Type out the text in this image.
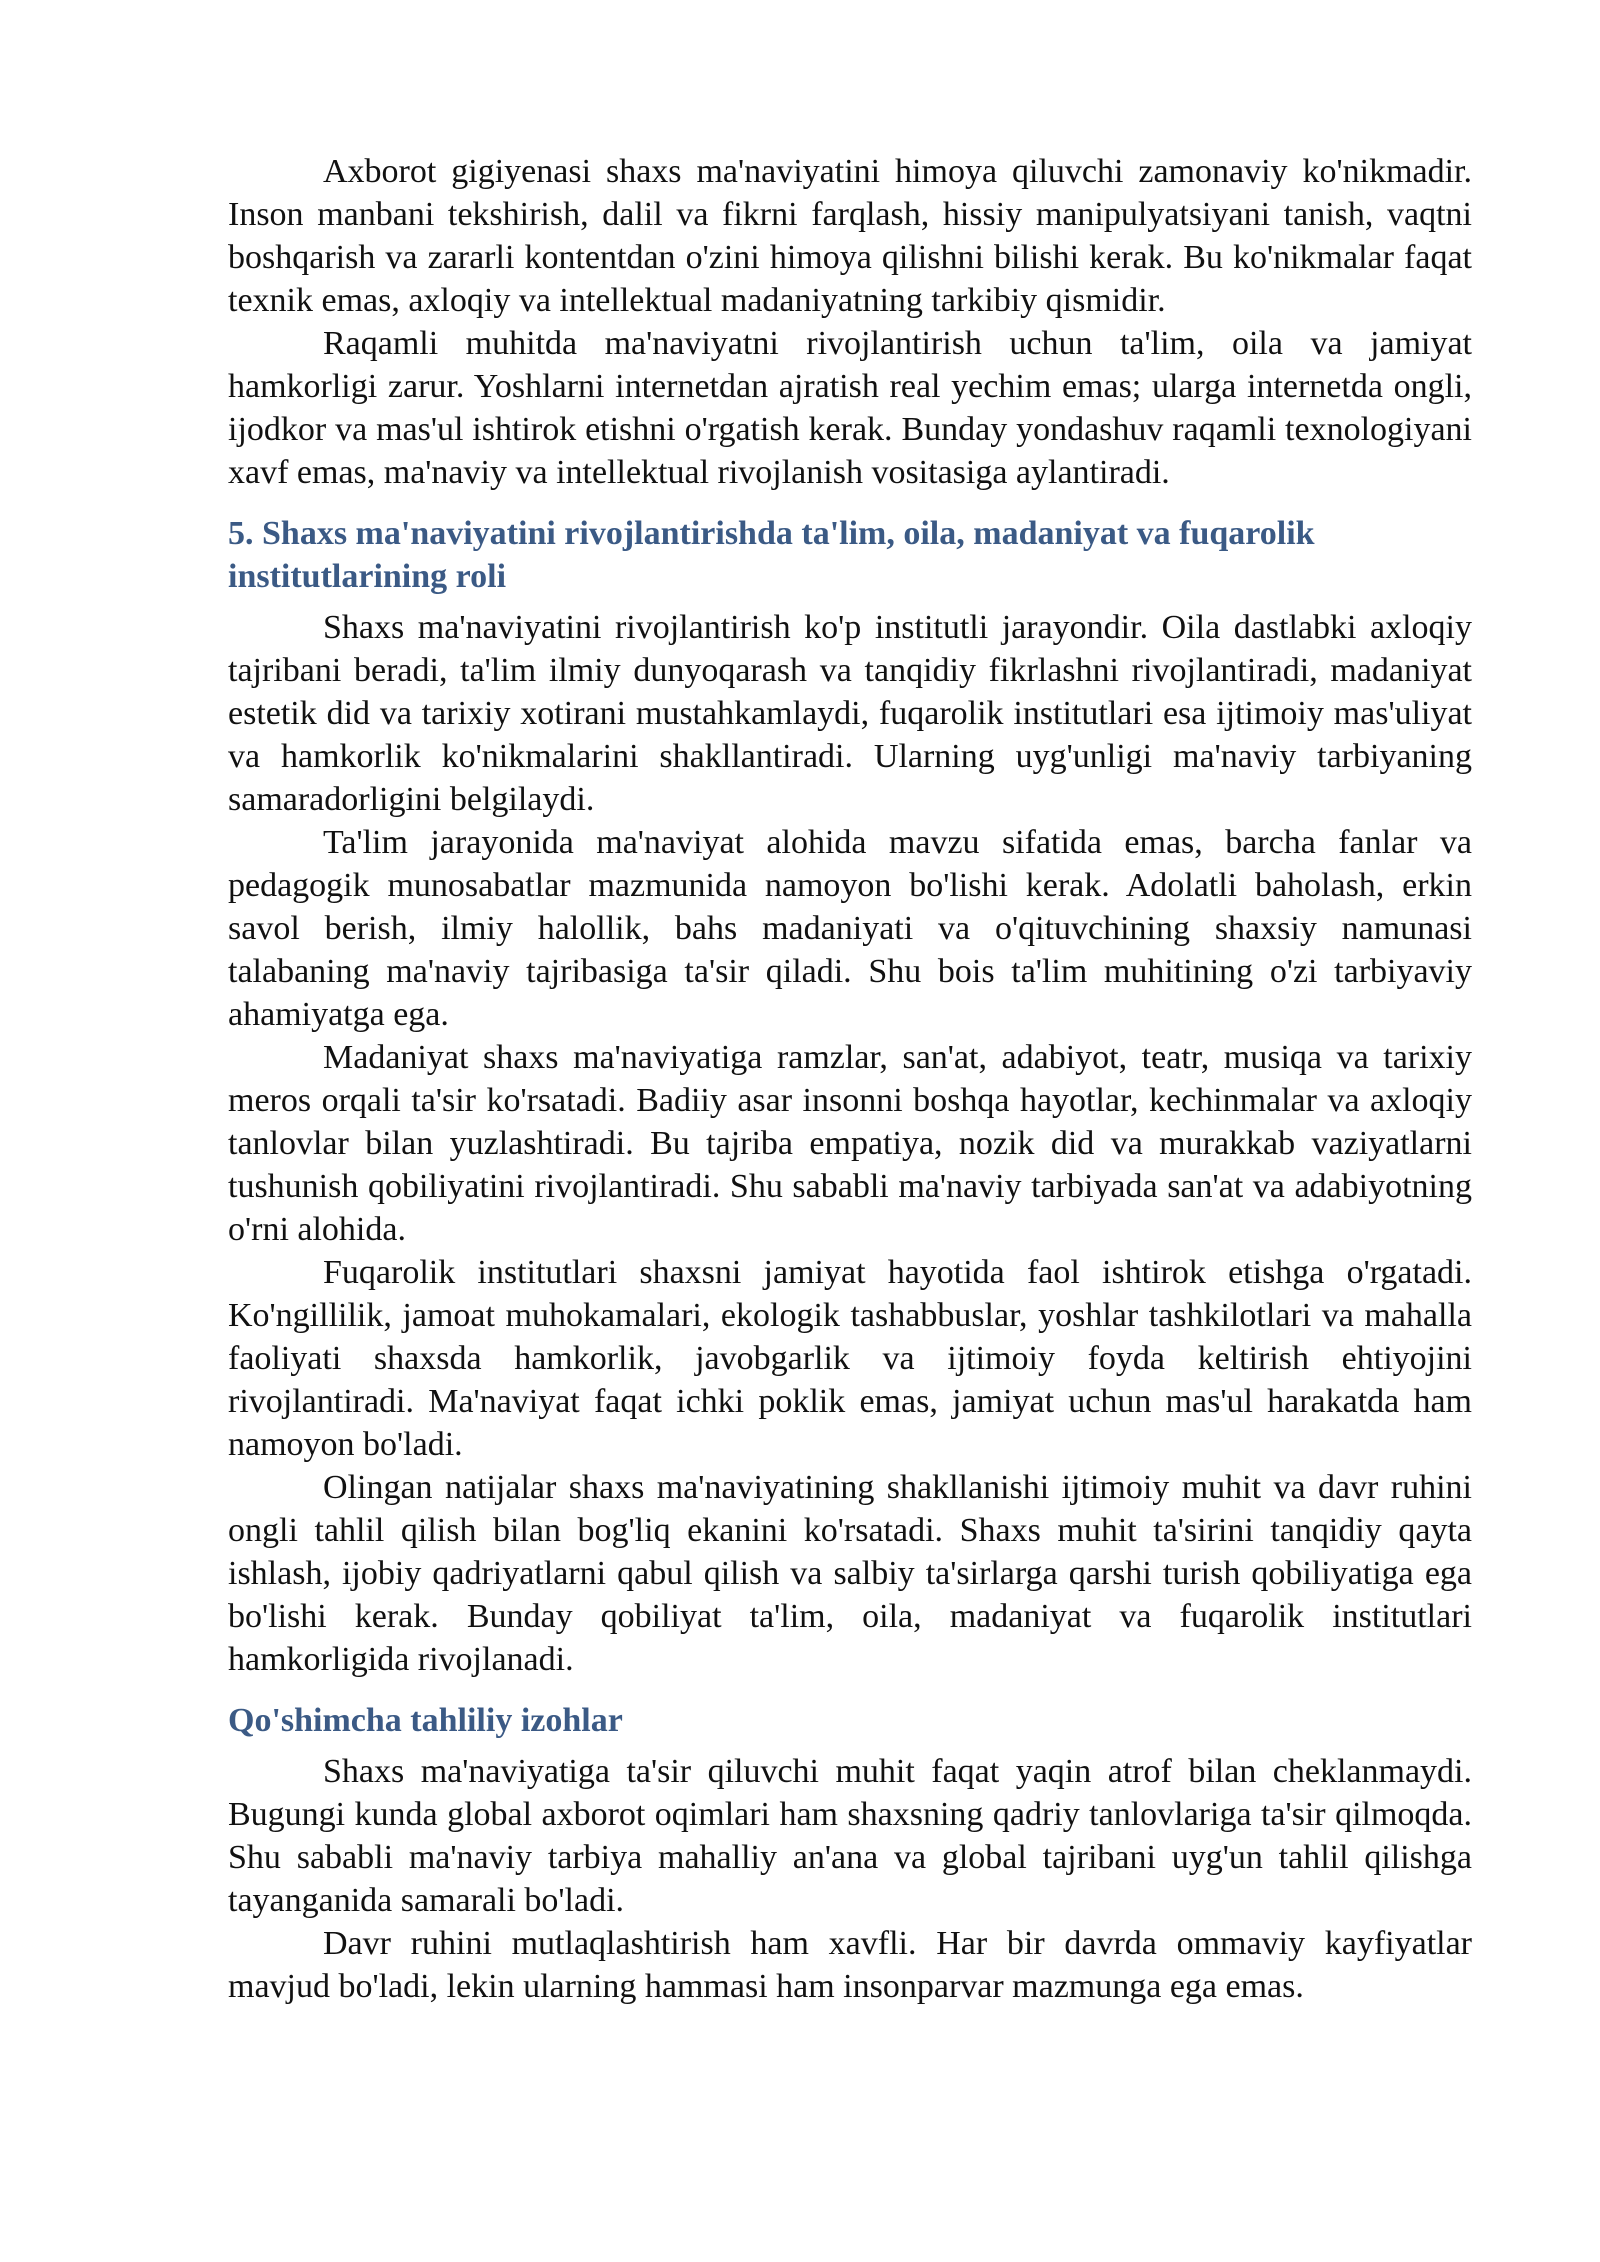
Axborot gigiyenasi shaxs ma'naviyatini himoya qiluvchi zamonaviy ko'nikmadir. Inson manbani tekshirish, dalil va fikrni farqlash, hissiy manipulyatsiyani tanish, vaqtni boshqarish va zararli kontentdan o'zini himoya qilishni bilishi kerak. Bu ko'nikmalar faqat texnik emas, axloqiy va intellektual madaniyatning tarkibiy qismidir.

Raqamli muhitda ma'naviyatni rivojlantirish uchun ta'lim, oila va jamiyat hamkorligi zarur. Yoshlarni internetdan ajratish real yechim emas; ularga internetda ongli, ijodkor va mas'ul ishtirok etishni o'rgatish kerak. Bunday yondashuv raqamli texnologiyani xavf emas, ma'naviy va intellektual rivojlanish vositasiga aylantiradi.

5. Shaxs ma'naviyatini rivojlantirishda ta'lim, oila, madaniyat va fuqarolik institutlarining roli

Shaxs ma'naviyatini rivojlantirish ko'p institutli jarayondir. Oila dastlabki axloqiy tajribani beradi, ta'lim ilmiy dunyoqarash va tanqidiy fikrlashni rivojlantiradi, madaniyat estetik did va tarixiy xotirani mustahkamlaydi, fuqarolik institutlari esa ijtimoiy mas'uliyat va hamkorlik ko'nikmalarini shakllantiradi. Ularning uyg'unligi ma'naviy tarbiyaning samaradorligini belgilaydi.

Ta'lim jarayonida ma'naviyat alohida mavzu sifatida emas, barcha fanlar va pedagogik munosabatlar mazmunida namoyon bo'lishi kerak. Adolatli baholash, erkin savol berish, ilmiy halollik, bahs madaniyati va o'qituvchining shaxsiy namunasi talabaning ma'naviy tajribasiga ta'sir qiladi. Shu bois ta'lim muhitining o'zi tarbiyaviy ahamiyatga ega.

Madaniyat shaxs ma'naviyatiga ramzlar, san'at, adabiyot, teatr, musiqa va tarixiy meros orqali ta'sir ko'rsatadi. Badiiy asar insonni boshqa hayotlar, kechinmalar va axloqiy tanlovlar bilan yuzlashtiradi. Bu tajriba empatiya, nozik did va murakkab vaziyatlarni tushunish qobiliyatini rivojlantiradi. Shu sababli ma'naviy tarbiyada san'at va adabiyotning o'rni alohida.

Fuqarolik institutlari shaxsni jamiyat hayotida faol ishtirok etishga o'rgatadi. Ko'ngillilik, jamoat muhokamalari, ekologik tashabbuslar, yoshlar tashkilotlari va mahalla faoliyati shaxsda hamkorlik, javobgarlik va ijtimoiy foyda keltirish ehtiyojini rivojlantiradi. Ma'naviyat faqat ichki poklik emas, jamiyat uchun mas'ul harakatda ham namoyon bo'ladi.

Olingan natijalar shaxs ma'naviyatining shakllanishi ijtimoiy muhit va davr ruhini ongli tahlil qilish bilan bog'liq ekanini ko'rsatadi. Shaxs muhit ta'sirini tanqidiy qayta ishlash, ijobiy qadriyatlarni qabul qilish va salbiy ta'sirlarga qarshi turish qobiliyatiga ega bo'lishi kerak. Bunday qobiliyat ta'lim, oila, madaniyat va fuqarolik institutlari hamkorligida rivojlanadi.

Qo'shimcha tahliliy izohlar

Shaxs ma'naviyatiga ta'sir qiluvchi muhit faqat yaqin atrof bilan cheklanmaydi. Bugungi kunda global axborot oqimlari ham shaxsning qadriy tanlovlariga ta'sir qilmoqda. Shu sababli ma'naviy tarbiya mahalliy an'ana va global tajribani uyg'un tahlil qilishga tayanganida samarali bo'ladi.

Davr ruhini mutlaqlashtirish ham xavfli. Har bir davrda ommaviy kayfiyatlar mavjud bo'ladi, lekin ularning hammasi ham insonparvar mazmunga ega emas.
